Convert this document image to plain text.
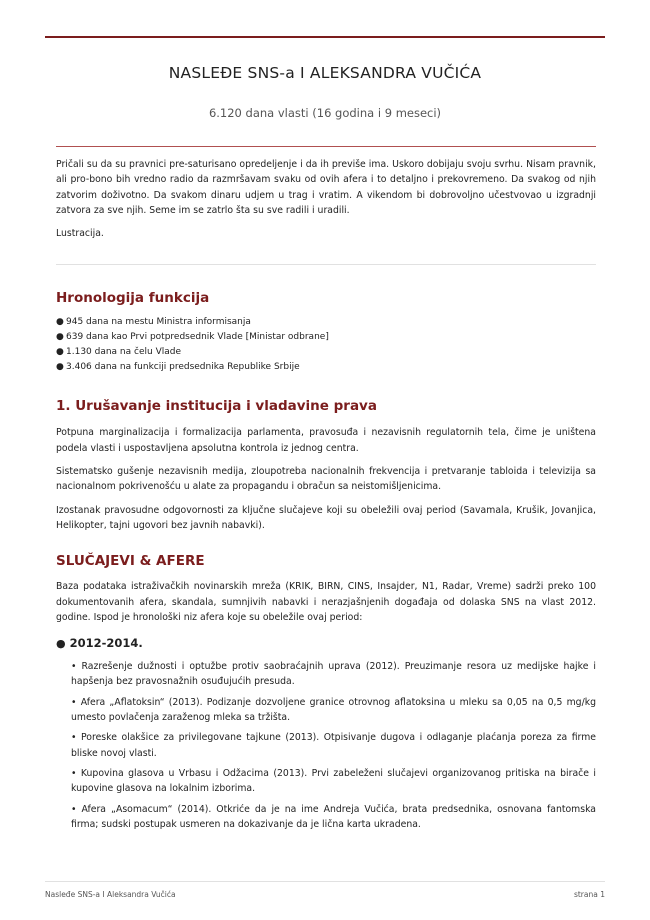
NASLEĐE SNS-a I ALEKSANDRA VUČIĆA
6.120 dana vlasti (16 godina i 9 meseci)

Pričali su da su pravnici pre-saturisano opredeljenje i da ih previše ima. Uskoro dobijaju svoju svrhu. Nisam pravnik, ali pro-bono bih vredno radio da razmršavam svaku od ovih afera i to detaljno i prekovremeno. Da svakog od njih zatvorim doživotno. Da svakom dinaru udjem u trag i vratim. A vikendom bi dobrovoljno učestvovao u izgradnji zatvora za sve njih. Seme im se zatrlo šta su sve radili i uradili.

Lustracija.

Hronologija funkcija
● 945 dana na mestu Ministra informisanja
● 639 dana kao Prvi potpredsednik Vlade [Ministar odbrane]
● 1.130 dana na čelu Vlade
● 3.406 dana na funkciji predsednika Republike Srbije
1. Urušavanje institucija i vladavine prava

Potpuna marginalizacija i formalizacija parlamenta, pravosuđa i nezavisnih regulatornih tela, čime je uništena podela vlasti i uspostavljena apsolutna kontrola iz jednog centra.

Sistematsko gušenje nezavisnih medija, zloupotreba nacionalnih frekvencija i pretvaranje tabloida i televizija sa nacionalnom pokrivenošću u alate za propagandu i obračun sa neistomišljenicima.

Izostanak pravosudne odgovornosti za ključne slučajeve koji su obeležili ovaj period (Savamala, Krušik, Jovanjica, Helikopter, tajni ugovori bez javnih nabavki).

SLUČAJEVI & AFERE

Baza podataka istraživačkih novinarskih mreža (KRIK, BIRN, CINS, Insajder, N1, Radar, Vreme) sadrži preko 100 dokumentovanih afera, skandala, sumnjivih nabavki i nerazjašnjenih događaja od dolaska SNS na vlast 2012. godine. Ispod je hronološki niz afera koje su obeležile ovaj period:

● 2012-2014.
• Razrešenje dužnosti i optužbe protiv saobraćajnih uprava (2012). Preuzimanje resora uz medijske hajke i hapšenja bez pravosnažnih osuđujućih presuda.
• Afera „Aflatoksin“ (2013). Podizanje dozvoljene granice otrovnog aflatoksina u mleku sa 0,05 na 0,5 mg/kg umesto povlačenja zaraženog mleka sa tržišta.
• Poreske olakšice za privilegovane tajkune (2013). Otpisivanje dugova i odlaganje plaćanja poreza za firme bliske novoj vlasti.
• Kupovina glasova u Vrbasu i Odžacima (2013). Prvi zabeleženi slučajevi organizovanog pritiska na birače i kupovine glasova na lokalnim izborima.
• Afera „Asomacum“ (2014). Otkriće da je na ime Andreja Vučića, brata predsednika, osnovana fantomska firma; sudski postupak usmeren na dokazivanje da je lična karta ukradena.
Nasleđe SNS-a I Aleksandra Vučića	strana 1
